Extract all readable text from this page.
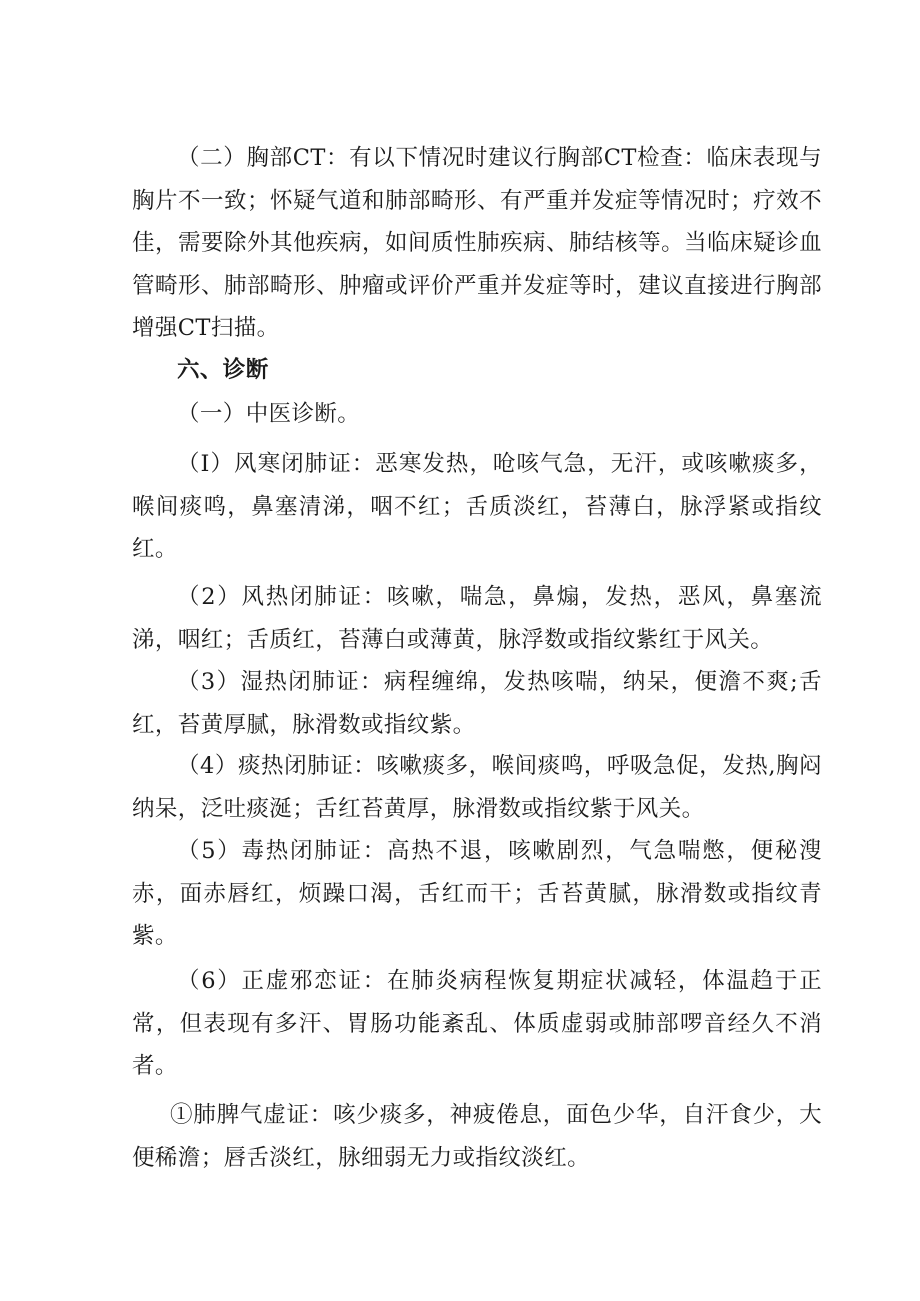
（二）胸部CT：有以下情况时建议行胸部CT检查：临床表现与胸片不一致；怀疑气道和肺部畸形、有严重并发症等情况时；疗效不佳，需要除外其他疾病，如间质性肺疾病、肺结核等。当临床疑诊血管畸形、肺部畸形、肿瘤或评价严重并发症等时，建议直接进行胸部增强CT扫描。

六、诊断

（一）中医诊断。

（I）风寒闭肺证：恶寒发热，呛咳气急，无汗，或咳嗽痰多，喉间痰鸣，鼻塞清涕，咽不红；舌质淡红，苔薄白，脉浮紧或指纹红。

（2）风热闭肺证：咳嗽，喘急，鼻煽，发热，恶风，鼻塞流涕，咽红；舌质红，苔薄白或薄黄，脉浮数或指纹紫红于风关。

（3）湿热闭肺证：病程缠绵，发热咳喘，纳呆，便澹不爽;舌红，苔黄厚腻，脉滑数或指纹紫。

（4）痰热闭肺证：咳嗽痰多，喉间痰鸣，呼吸急促，发热,胸闷纳呆，泛吐痰涎；舌红苔黄厚，脉滑数或指纹紫于风关。

（5）毒热闭肺证：高热不退，咳嗽剧烈，气急喘憋，便秘溲赤，面赤唇红，烦躁口渴，舌红而干；舌苔黄腻，脉滑数或指纹青紫。

（6）正虚邪恋证：在肺炎病程恢复期症状减轻，体温趋于正常，但表现有多汗、胃肠功能紊乱、体质虚弱或肺部啰音经久不消者。

①肺脾气虚证：咳少痰多，神疲倦息，面色少华，自汗食少，大便稀澹；唇舌淡红，脉细弱无力或指纹淡红。
